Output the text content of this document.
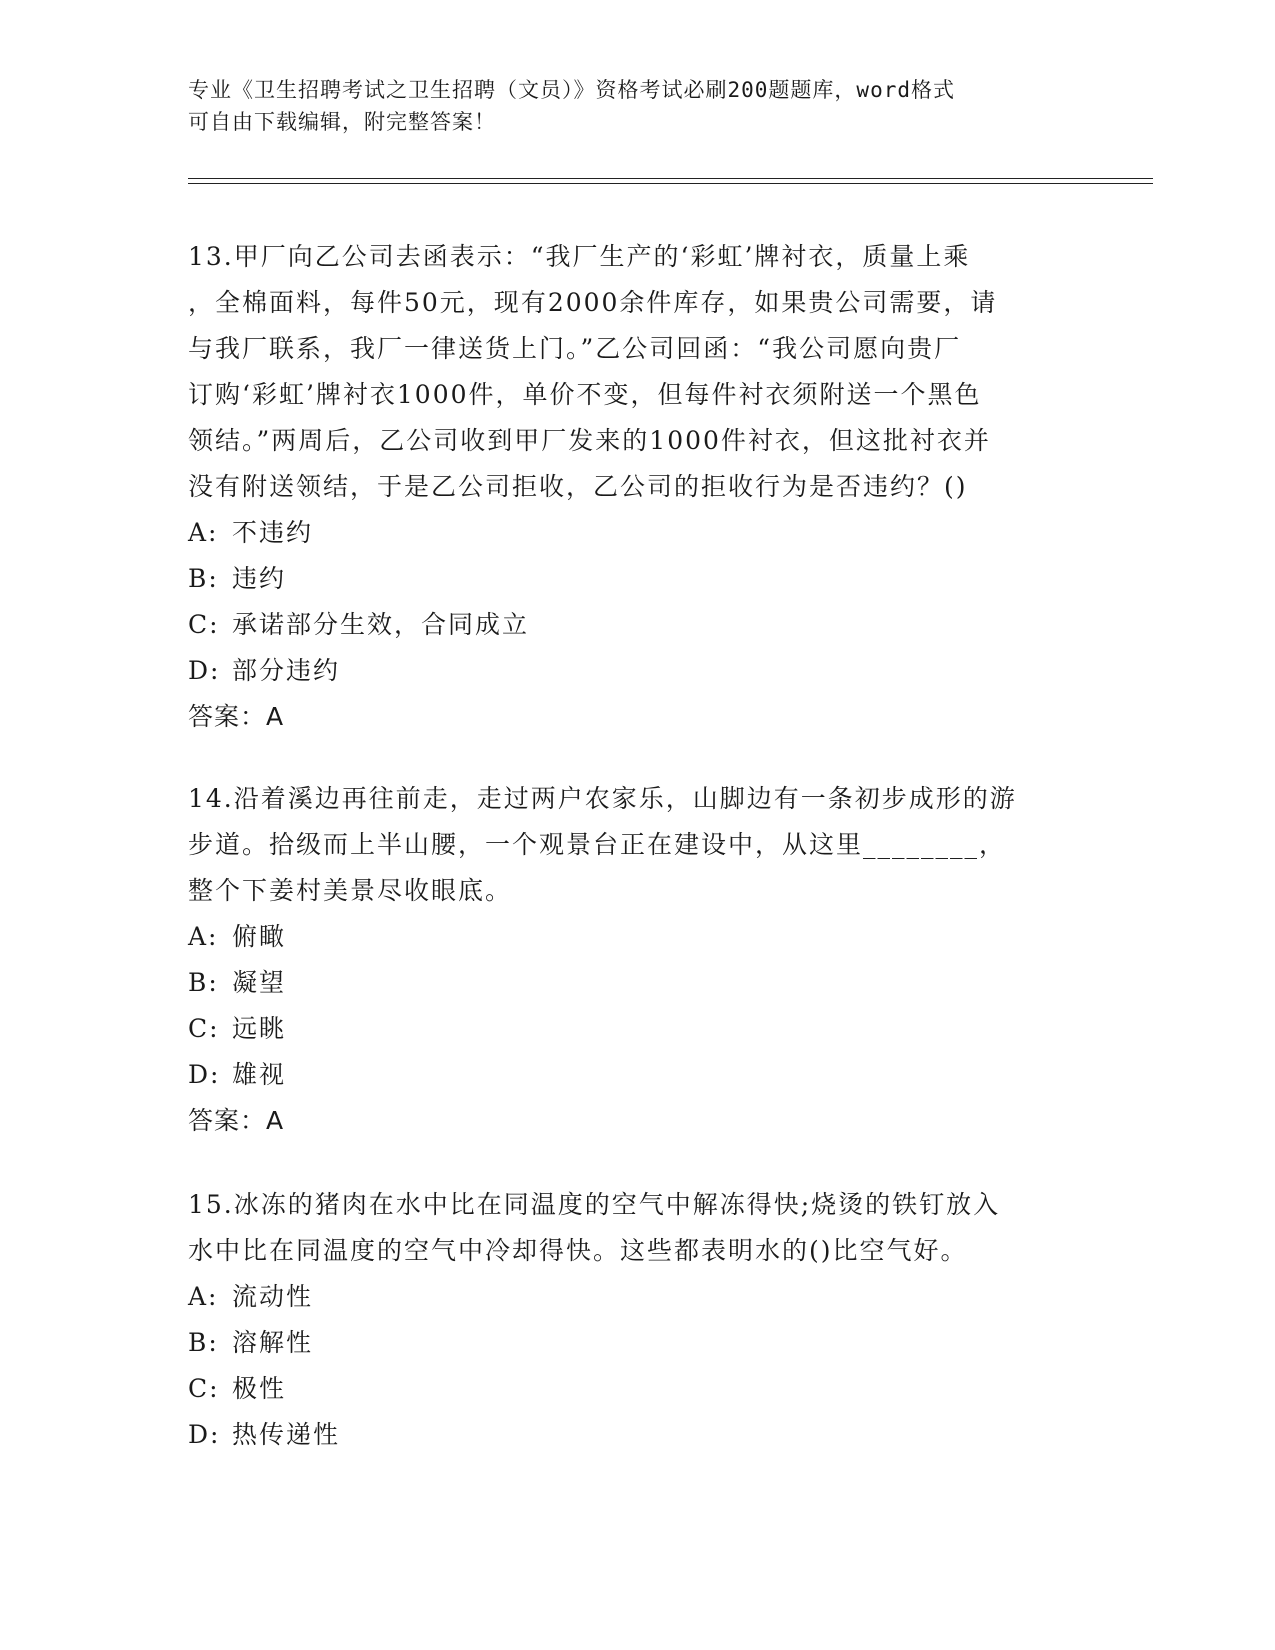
专业《卫生招聘考试之卫生招聘（文员）》资格考试必刷200题题库，word格式
可自由下载编辑，附完整答案！
13.甲厂向乙公司去函表示：“我厂生产的‘彩虹’牌衬衣，质量上乘
，全棉面料，每件50元，现有2000余件库存，如果贵公司需要，请
与我厂联系，我厂一律送货上门。”乙公司回函：“我公司愿向贵厂
订购‘彩虹’牌衬衣1000件，单价不变，但每件衬衣须附送一个黑色
领结。”两周后，乙公司收到甲厂发来的1000件衬衣，但这批衬衣并
没有附送领结，于是乙公司拒收，乙公司的拒收行为是否违约？()
A: 不违约
B: 违约
C: 承诺部分生效，合同成立
D: 部分违约
答案：A
14.沿着溪边再往前走，走过两户农家乐，山脚边有一条初步成形的游
步道。拾级而上半山腰，一个观景台正在建设中，从这里________，
整个下姜村美景尽收眼底。
A: 俯瞰
B: 凝望
C: 远眺
D: 雄视
答案：A
15.冰冻的猪肉在水中比在同温度的空气中解冻得快;烧烫的铁钉放入
水中比在同温度的空气中冷却得快。这些都表明水的()比空气好。
A: 流动性
B: 溶解性
C: 极性
D: 热传递性
